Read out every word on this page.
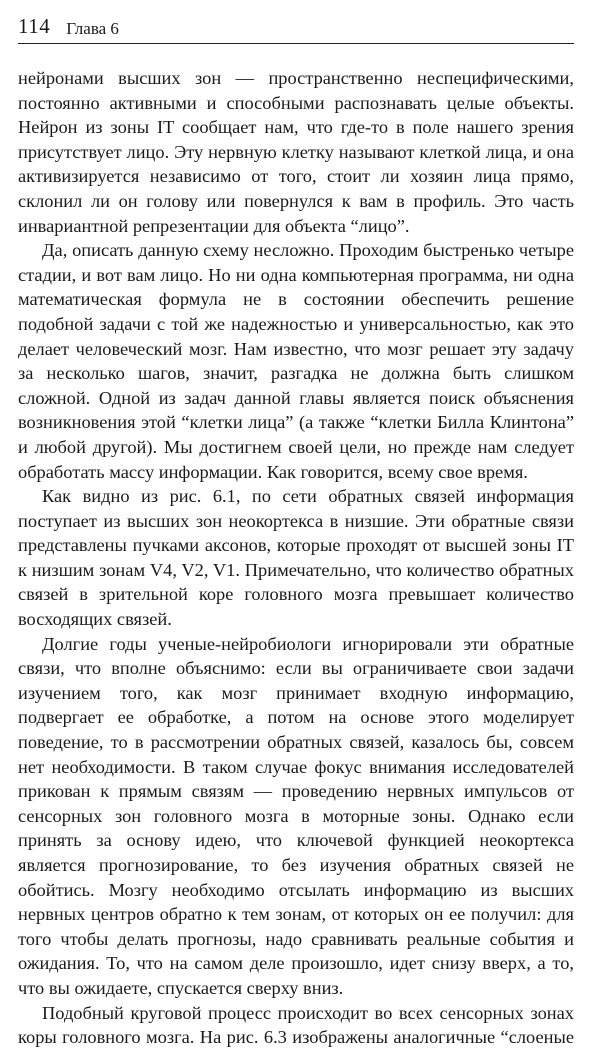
114 Глава 6

нейронами высших зон — пространственно неспецифическими, постоянно активными и способными распознавать целые объекты. Нейрон из зоны IT сообщает нам, что где-то в поле нашего зрения присутствует лицо. Эту нервную клетку называют клеткой лица, и она активизируется независимо от того, стоит ли хозяин лица прямо, склонил ли он голову или повернулся к вам в профиль. Это часть инвариантной репрезентации для объекта “лицо”.

Да, описать данную схему несложно. Проходим быстренько четыре стадии, и вот вам лицо. Но ни одна компьютерная программа, ни одна математическая формула не в состоянии обеспечить решение подобной задачи с той же надежностью и универсальностью, как это делает человеческий мозг. Нам известно, что мозг решает эту задачу за несколько шагов, значит, разгадка не должна быть слишком сложной. Одной из задач данной главы является поиск объяснения возникновения этой “клетки лица” (а также “клетки Билла Клинтона” и любой другой). Мы достигнем своей цели, но прежде нам следует обработать массу информации. Как говорится, всему свое время.

Как видно из рис. 6.1, по сети обратных связей информация поступает из высших зон неокортекса в низшие. Эти обратные связи представлены пучками аксонов, которые проходят от высшей зоны IT к низшим зонам V4, V2, V1. Примечательно, что количество обратных связей в зрительной коре головного мозга превышает количество восходящих связей.

Долгие годы ученые-нейробиологи игнорировали эти обратные связи, что вполне объяснимо: если вы ограничиваете свои задачи изучением того, как мозг принимает входную информацию, подвергает ее обработке, а потом на основе этого моделирует поведение, то в рассмотрении обратных связей, казалось бы, совсем нет необходимости. В таком случае фокус внимания исследователей прикован к прямым связям — проведению нервных импульсов от сенсорных зон головного мозга в моторные зоны. Однако если принять за основу идею, что ключевой функцией неокортекса является прогнозирование, то без изучения обратных связей не обойтись. Мозгу необходимо отсылать информацию из высших нервных центров обратно к тем зонам, от которых он ее получил: для того чтобы делать прогнозы, надо сравнивать реальные события и ожидания. То, что на самом деле произошло, идет снизу вверх, а то, что вы ожидаете, спускается сверху вниз.

Подобный круговой процесс происходит во всех сенсорных зонах коры головного мозга. На рис. 6.3 изображены аналогичные “слоеные
